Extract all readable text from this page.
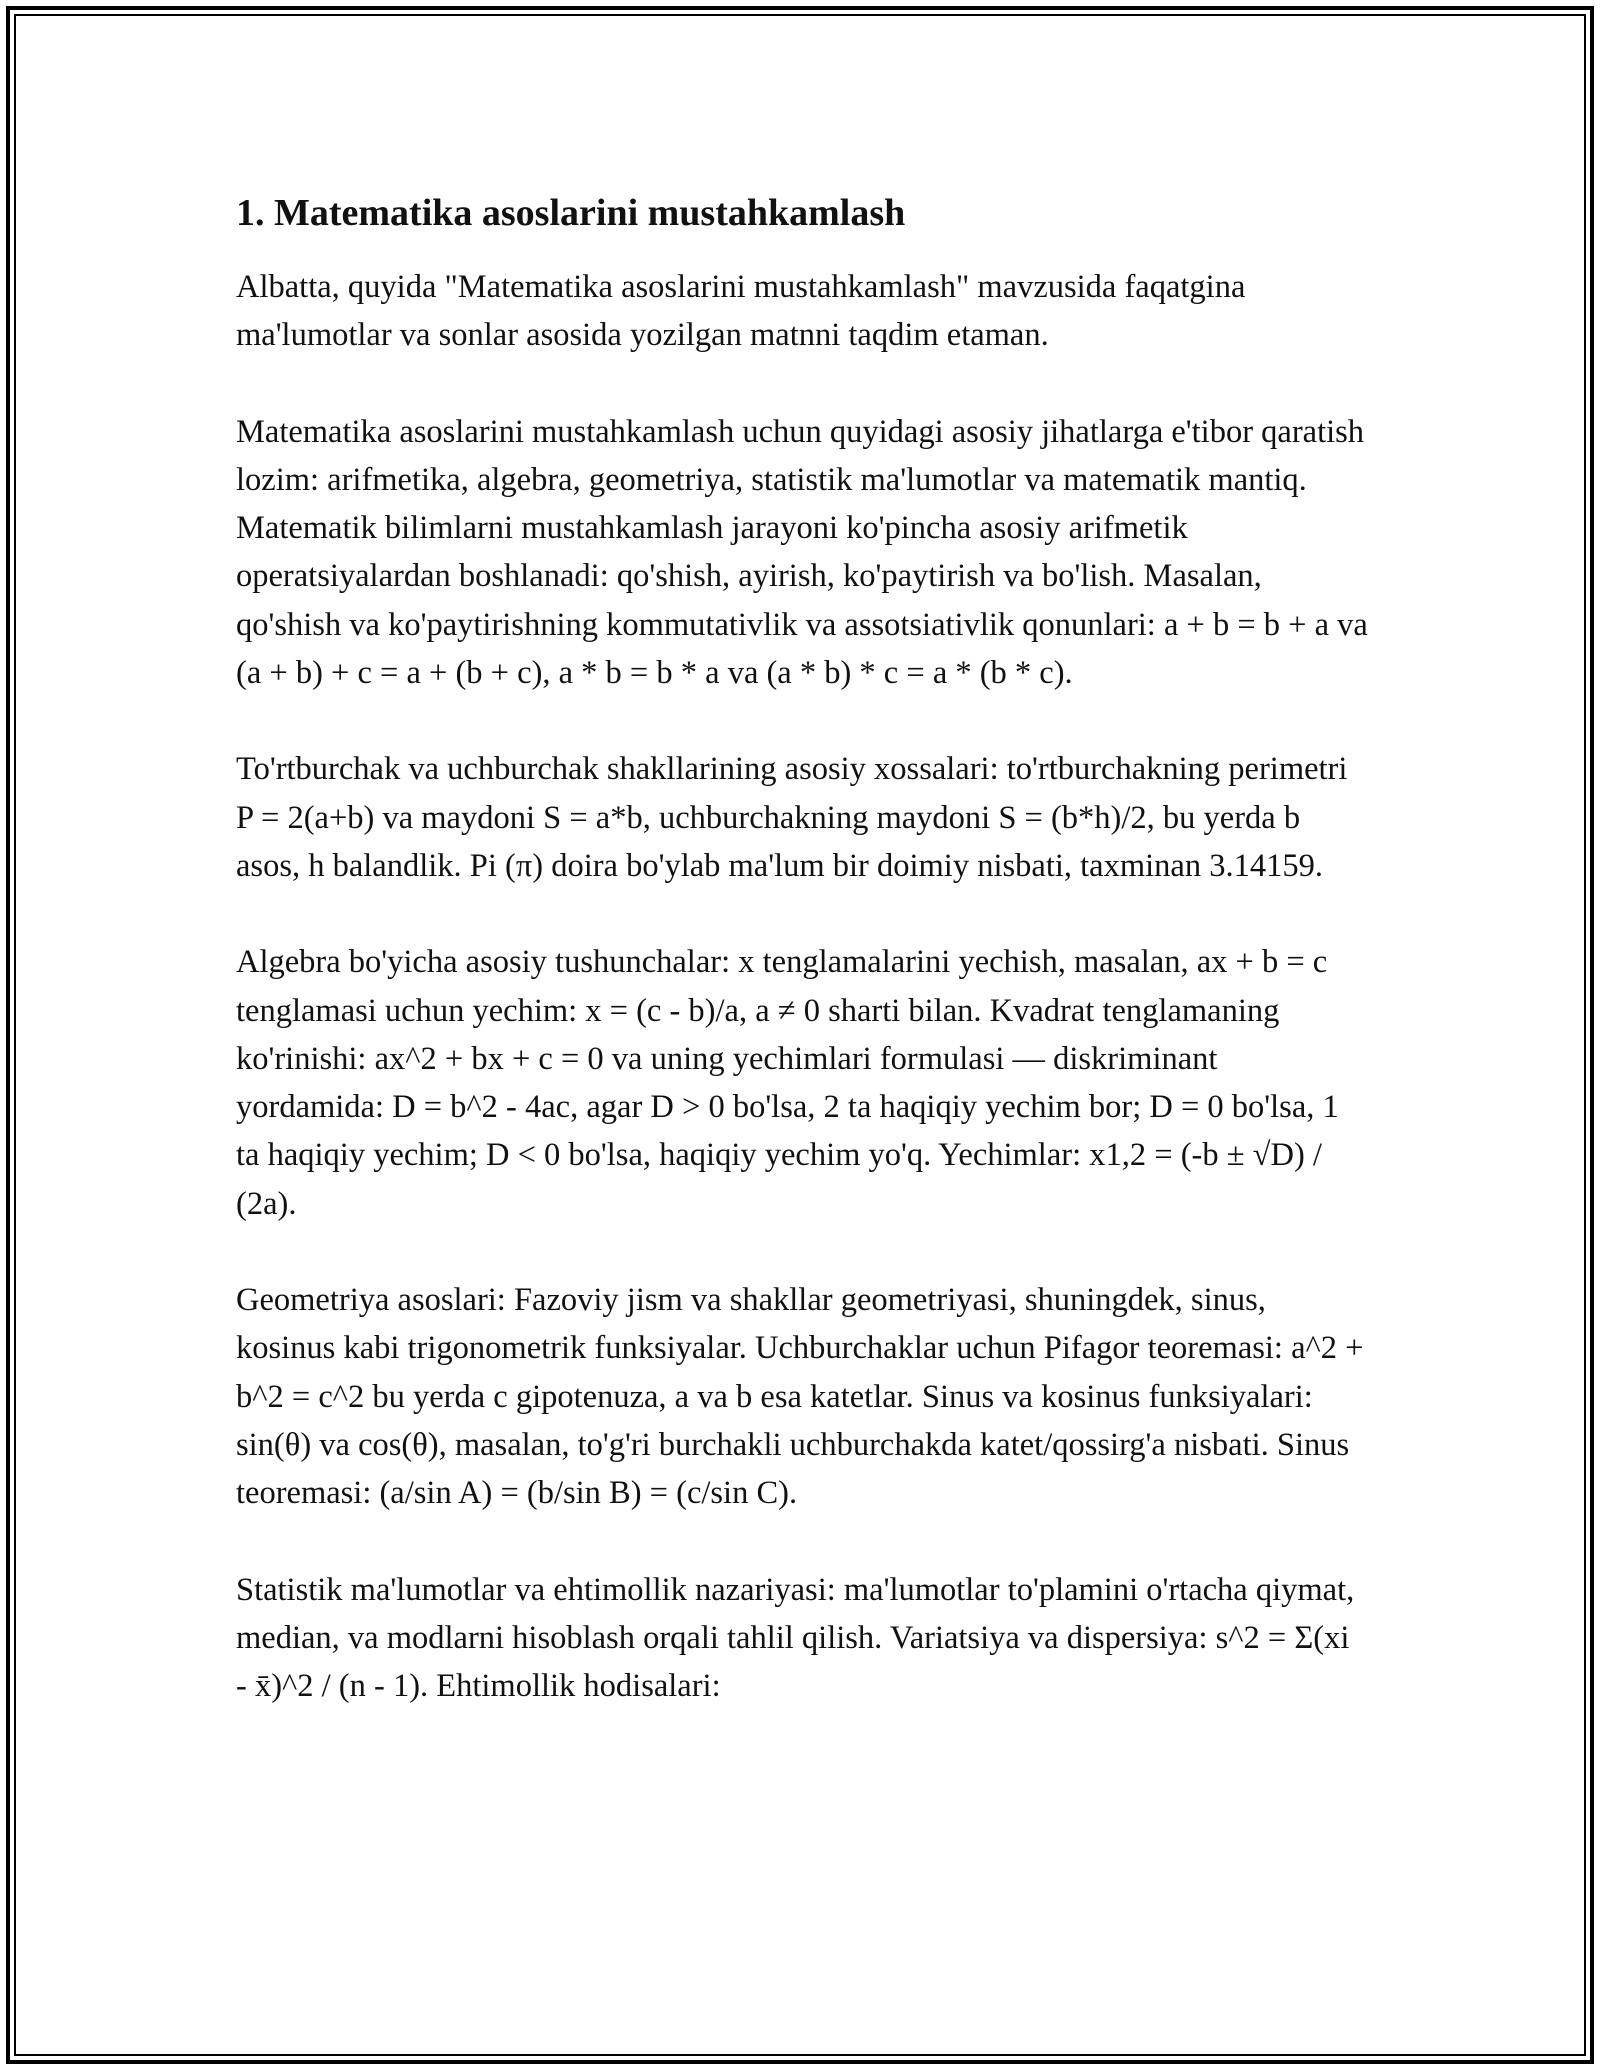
1. Matematika asoslarini mustahkamlash

Albatta, quyida "Matematika asoslarini mustahkamlash" mavzusida faqatgina ma'lumotlar va sonlar asosida yozilgan matnni taqdim etaman.

Matematika asoslarini mustahkamlash uchun quyidagi asosiy jihatlarga e'tibor qaratish lozim: arifmetika, algebra, geometriya, statistik ma'lumotlar va matematik mantiq. Matematik bilimlarni mustahkamlash jarayoni ko'pincha asosiy arifmetik operatsiyalardan boshlanadi: qo'shish, ayirish, ko'paytirish va bo'lish. Masalan, qo'shish va ko'paytirishning kommutativlik va assotsiativlik qonunlari: a + b = b + a va (a + b) + c = a + (b + c), a * b = b * a va (a * b) * c = a * (b * c).

To'rtburchak va uchburchak shakllarining asosiy xossalari: to'rtburchakning perimetri P = 2(a+b) va maydoni S = a*b, uchburchakning maydoni S = (b*h)/2, bu yerda b asos, h balandlik. Pi (π) doira bo'ylab ma'lum bir doimiy nisbati, taxminan 3.14159.

Algebra bo'yicha asosiy tushunchalar: x tenglamalarini yechish, masalan, ax + b = c tenglamasi uchun yechim: x = (c - b)/a, a ≠ 0 sharti bilan. Kvadrat tenglamaning ko'rinishi: ax^2 + bx + c = 0 va uning yechimlari formulasi — diskriminant yordamida: D = b^2 - 4ac, agar D > 0 bo'lsa, 2 ta haqiqiy yechim bor; D = 0 bo'lsa, 1 ta haqiqiy yechim; D < 0 bo'lsa, haqiqiy yechim yo'q. Yechimlar: x1,2 = (-b ± √D) / (2a).

Geometriya asoslari: Fazoviy jism va shakllar geometriyasi, shuningdek, sinus, kosinus kabi trigonometrik funksiyalar. Uchburchaklar uchun Pifagor teoremasi: a^2 + b^2 = c^2 bu yerda c gipotenuza, a va b esa katetlar. Sinus va kosinus funksiyalari: sin(θ) va cos(θ), masalan, to'g'ri burchakli uchburchakda katet/qossirg'a nisbati. Sinus teoremasi: (a/sin A) = (b/sin B) = (c/sin C).

Statistik ma'lumotlar va ehtimollik nazariyasi: ma'lumotlar to'plamini o'rtacha qiymat, median, va modlarni hisoblash orqali tahlil qilish. Variatsiya va dispersiya: s^2 = Σ(xi - x̄)^2 / (n - 1). Ehtimollik hodisalari:
